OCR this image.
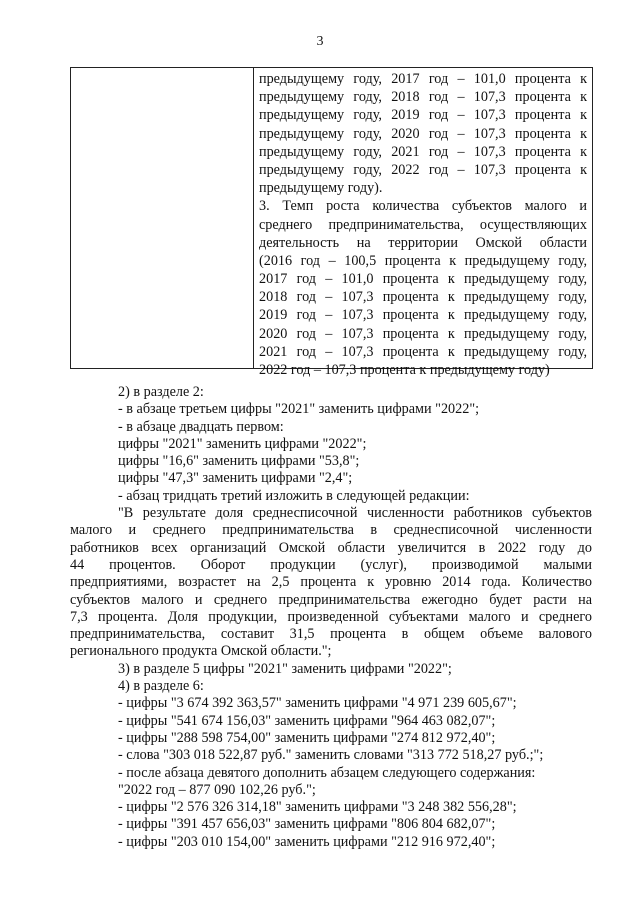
3
предыдущему году, 2017 год – 101,0 процента к
предыдущему году, 2018 год – 107,3 процента к
предыдущему году, 2019 год – 107,3 процента к
предыдущему году, 2020 год – 107,3 процента к
предыдущему году, 2021 год – 107,3 процента к
предыдущему году, 2022 год – 107,3 процента к
предыдущему году).
3. Темп роста количества субъектов малого и
среднего предпринимательства, осуществляющих
деятельность на территории Омской области
(2016 год – 100,5 процента к предыдущему году,
2017 год – 101,0 процента к предыдущему году,
2018 год – 107,3 процента к предыдущему году,
2019 год – 107,3 процента к предыдущему году,
2020 год – 107,3 процента к предыдущему году,
2021 год – 107,3 процента к предыдущему году,
2022 год – 107,3 процента к предыдущему году)
2) в разделе 2:
- в абзаце третьем цифры "2021" заменить цифрами "2022";
- в абзаце двадцать первом:
цифры "2021" заменить цифрами "2022";
цифры "16,6" заменить цифрами "53,8";
цифры "47,3" заменить цифрами "2,4";
- абзац тридцать третий изложить в следующей редакции:
"В результате доля среднесписочной численности работников субъектов
малого и среднего предпринимательства в среднесписочной численности
работников всех организаций Омской области увеличится в 2022 году до
44 процентов. Оборот продукции (услуг), производимой малыми
предприятиями, возрастет на 2,5 процента к уровню 2014 года. Количество
субъектов малого и среднего предпринимательства ежегодно будет расти на
7,3 процента. Доля продукции, произведенной субъектами малого и среднего
предпринимательства, составит 31,5 процента в общем объеме валового
регионального продукта Омской области.";
3) в разделе 5 цифры "2021" заменить цифрами "2022";
4) в разделе 6:
- цифры "3 674 392 363,57" заменить цифрами "4 971 239 605,67";
- цифры "541 674 156,03" заменить цифрами "964 463 082,07";
- цифры "288 598 754,00" заменить цифрами "274 812 972,40";
- слова "303 018 522,87 руб." заменить словами "313 772 518,27 руб.;";
- после абзаца девятого дополнить абзацем следующего содержания:
"2022 год – 877 090 102,26 руб.";
- цифры "2 576 326 314,18" заменить цифрами "3 248 382 556,28";
- цифры "391 457 656,03" заменить цифрами "806 804 682,07";
- цифры "203 010 154,00" заменить цифрами "212 916 972,40";
